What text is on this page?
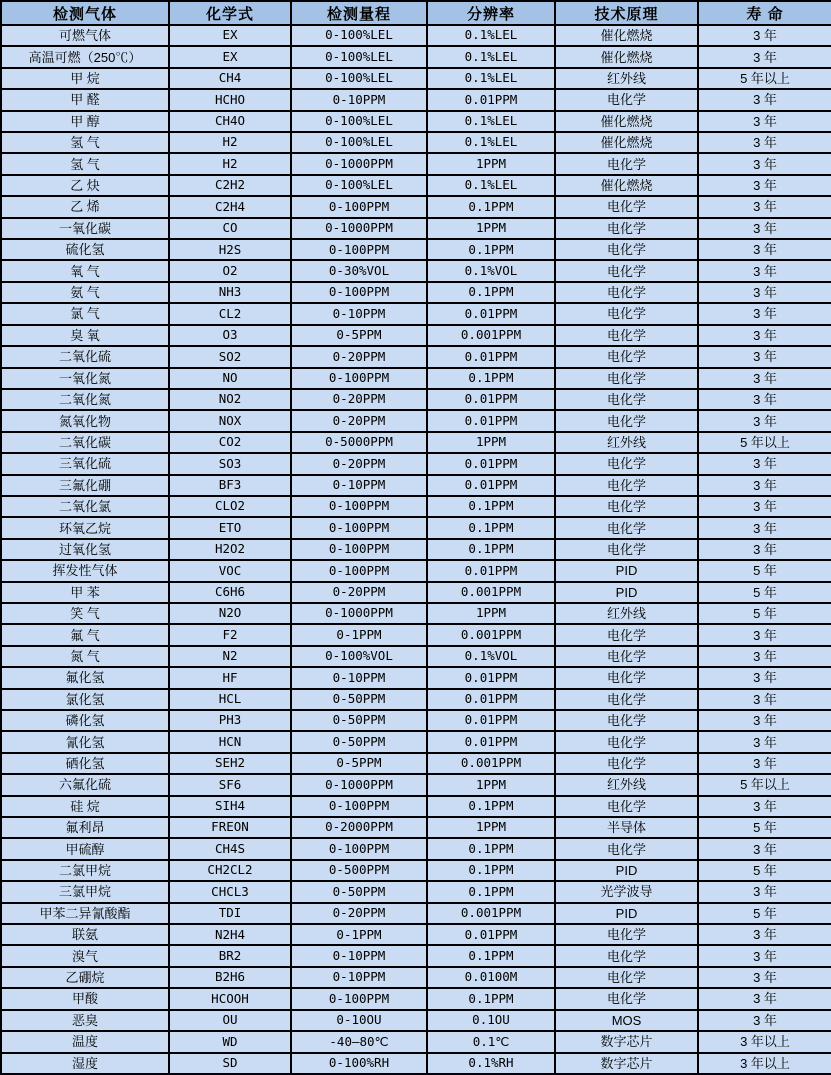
检测气体	化学式	检测量程	分辨率	技术原理	寿 命
可燃气体	EX	0-100%LEL	0.1%LEL	催化燃烧	3 年
高温可燃（250℃）	EX	0-100%LEL	0.1%LEL	催化燃烧	3 年
甲 烷	CH4	0-100%LEL	0.1%LEL	红外线	5 年以上
甲 醛	HCHO	0-10PPM	0.01PPM	电化学	3 年
甲 醇	CH4O	0-100%LEL	0.1%LEL	催化燃烧	3 年
氢 气	H2	0-100%LEL	0.1%LEL	催化燃烧	3 年
氢 气	H2	0-1000PPM	1PPM	电化学	3 年
乙 炔	C2H2	0-100%LEL	0.1%LEL	催化燃烧	3 年
乙 烯	C2H4	0-100PPM	0.1PPM	电化学	3 年
一氧化碳	CO	0-1000PPM	1PPM	电化学	3 年
硫化氢	H2S	0-100PPM	0.1PPM	电化学	3 年
氧 气	O2	0-30%VOL	0.1%VOL	电化学	3 年
氨 气	NH3	0-100PPM	0.1PPM	电化学	3 年
氯 气	CL2	0-10PPM	0.01PPM	电化学	3 年
臭 氧	O3	0-5PPM	0.001PPM	电化学	3 年
二氧化硫	SO2	0-20PPM	0.01PPM	电化学	3 年
一氧化氮	NO	0-100PPM	0.1PPM	电化学	3 年
二氧化氮	NO2	0-20PPM	0.01PPM	电化学	3 年
氮氧化物	NOX	0-20PPM	0.01PPM	电化学	3 年
二氧化碳	CO2	0-5000PPM	1PPM	红外线	5 年以上
三氧化硫	SO3	0-20PPM	0.01PPM	电化学	3 年
三氟化硼	BF3	0-10PPM	0.01PPM	电化学	3 年
二氧化氯	CLO2	0-100PPM	0.1PPM	电化学	3 年
环氧乙烷	ETO	0-100PPM	0.1PPM	电化学	3 年
过氧化氢	H2O2	0-100PPM	0.1PPM	电化学	3 年
挥发性气体	VOC	0-100PPM	0.01PPM	PID	5 年
甲 苯	C6H6	0-20PPM	0.001PPM	PID	5 年
笑 气	N2O	0-1000PPM	1PPM	红外线	5 年
氟 气	F2	0-1PPM	0.001PPM	电化学	3 年
氮 气	N2	0-100%VOL	0.1%VOL	电化学	3 年
氟化氢	HF	0-10PPM	0.01PPM	电化学	3 年
氯化氢	HCL	0-50PPM	0.01PPM	电化学	3 年
磷化氢	PH3	0-50PPM	0.01PPM	电化学	3 年
氰化氢	HCN	0-50PPM	0.01PPM	电化学	3 年
硒化氢	SEH2	0-5PPM	0.001PPM	电化学	3 年
六氟化硫	SF6	0-1000PPM	1PPM	红外线	5 年以上
硅 烷	SIH4	0-100PPM	0.1PPM	电化学	3 年
氟利昂	FREON	0-2000PPM	1PPM	半导体	5 年
甲硫醇	CH4S	0-100PPM	0.1PPM	电化学	3 年
二氯甲烷	CH2CL2	0-500PPM	0.1PPM	PID	5 年
三氯甲烷	CHCL3	0-50PPM	0.1PPM	光学波导	3 年
甲苯二异氰酸酯	TDI	0-20PPM	0.001PPM	PID	5 年
联氨	N2H4	0-1PPM	0.01PPM	电化学	3 年
溴气	BR2	0-10PPM	0.1PPM	电化学	3 年
乙硼烷	B2H6	0-10PPM	0.0100M	电化学	3 年
甲酸	HCOOH	0-100PPM	0.1PPM	电化学	3 年
恶臭	OU	0-10OU	0.1OU	MOS	3 年
温度	WD	-40—80℃	0.1℃	数字芯片	3 年以上
湿度	SD	0-100%RH	0.1%RH	数字芯片	3 年以上
